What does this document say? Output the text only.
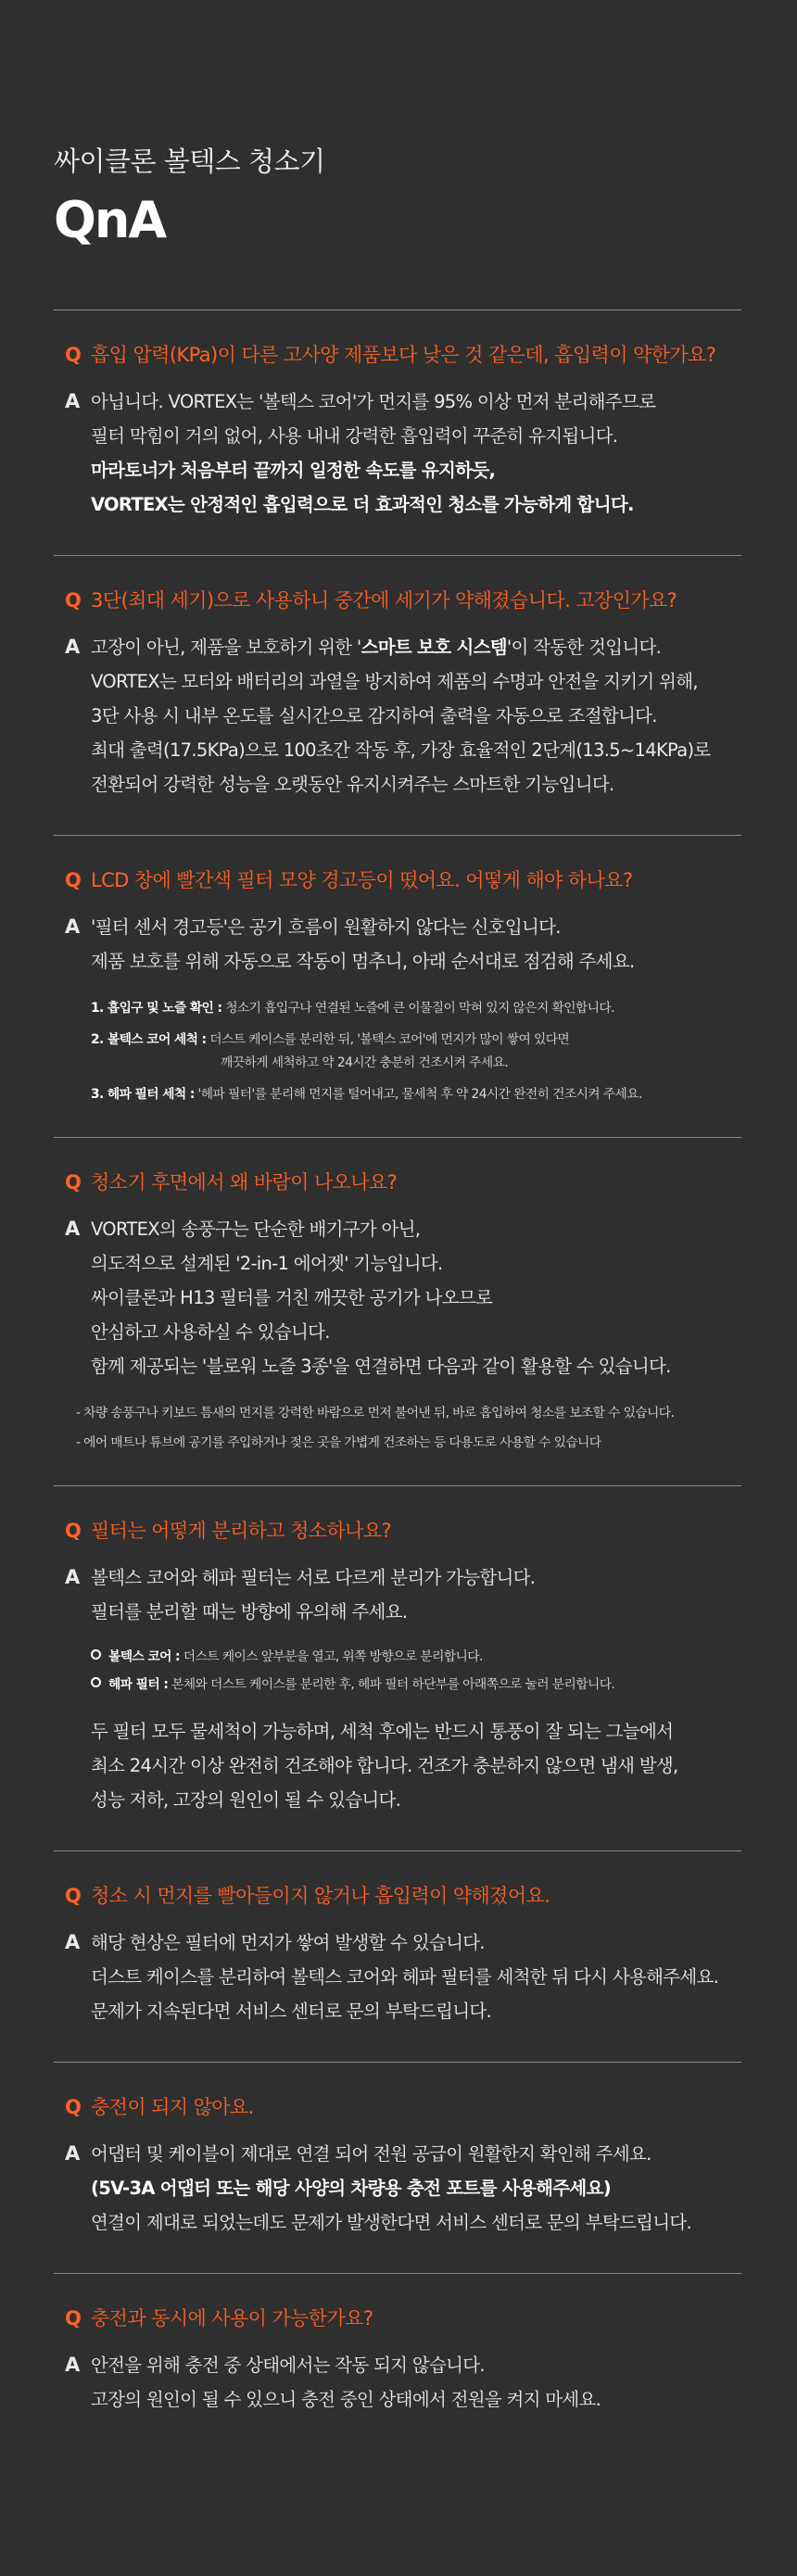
싸이클론 볼텍스 청소기
QnA
Q 흡입 압력(KPa)이 다른 고사양 제품보다 낮은 것 같은데, 흡입력이 약한가요?
A 아닙니다. VORTEX는 '볼텍스 코어'가 먼지를 95% 이상 먼저 분리해주므로
필터 막힘이 거의 없어, 사용 내내 강력한 흡입력이 꾸준히 유지됩니다.
마라토너가 처음부터 끝까지 일정한 속도를 유지하듯,
VORTEX는 안정적인 흡입력으로 더 효과적인 청소를 가능하게 합니다.
Q 3단(최대 세기)으로 사용하니 중간에 세기가 약해졌습니다. 고장인가요?
A 고장이 아닌, 제품을 보호하기 위한 '스마트 보호 시스템'이 작동한 것입니다.
VORTEX는 모터와 배터리의 과열을 방지하여 제품의 수명과 안전을 지키기 위해,
3단 사용 시 내부 온도를 실시간으로 감지하여 출력을 자동으로 조절합니다.
최대 출력(17.5KPa)으로 100초간 작동 후, 가장 효율적인 2단계(13.5~14KPa)로
전환되어 강력한 성능을 오랫동안 유지시켜주는 스마트한 기능입니다.
Q LCD 창에 빨간색 필터 모양 경고등이 떴어요. 어떻게 해야 하나요?
A '필터 센서 경고등'은 공기 흐름이 원활하지 않다는 신호입니다.
제품 보호를 위해 자동으로 작동이 멈추니, 아래 순서대로 점검해 주세요.
1. 흡입구 및 노즐 확인 : 청소기 흡입구나 연결된 노즐에 큰 이물질이 막혀 있지 않은지 확인합니다.
2. 볼텍스 코어 세척 : 더스트 케이스를 분리한 뒤, '볼텍스 코어'에 먼지가 많이 쌓여 있다면
깨끗하게 세척하고 약 24시간 충분히 건조시켜 주세요.
3. 헤파 필터 세척 : '헤파 필터'를 분리해 먼지를 털어내고, 물세척 후 약 24시간 완전히 건조시켜 주세요.
Q 청소기 후면에서 왜 바람이 나오나요?
A VORTEX의 송풍구는 단순한 배기구가 아닌,
의도적으로 설계된 '2-in-1 에어젯' 기능입니다.
싸이클론과 H13 필터를 거친 깨끗한 공기가 나오므로
안심하고 사용하실 수 있습니다.
함께 제공되는 '블로워 노즐 3종'을 연결하면 다음과 같이 활용할 수 있습니다.
- 차량 송풍구나 키보드 틈새의 먼지를 강력한 바람으로 먼저 불어낸 뒤, 바로 흡입하여 청소를 보조할 수 있습니다.
- 에어 매트나 튜브에 공기를 주입하거나 젖은 곳을 가볍게 건조하는 등 다용도로 사용할 수 있습니다
Q 필터는 어떻게 분리하고 청소하나요?
A 볼텍스 코어와 헤파 필터는 서로 다르게 분리가 가능합니다.
필터를 분리할 때는 방향에 유의해 주세요.
볼텍스 코어 : 더스트 케이스 앞부분을 열고, 위쪽 방향으로 분리합니다.
헤파 필터 : 본체와 더스트 케이스를 분리한 후, 헤파 필터 하단부를 아래쪽으로 눌러 분리합니다.
두 필터 모두 물세척이 가능하며, 세척 후에는 반드시 통풍이 잘 되는 그늘에서
최소 24시간 이상 완전히 건조해야 합니다. 건조가 충분하지 않으면 냄새 발생,
성능 저하, 고장의 원인이 될 수 있습니다.
Q 청소 시 먼지를 빨아들이지 않거나 흡입력이 약해졌어요.
A 해당 현상은 필터에 먼지가 쌓여 발생할 수 있습니다.
더스트 케이스를 분리하여 볼텍스 코어와 헤파 필터를 세척한 뒤 다시 사용해주세요.
문제가 지속된다면 서비스 센터로 문의 부탁드립니다.
Q 충전이 되지 않아요.
A 어댑터 및 케이블이 제대로 연결 되어 전원 공급이 원활한지 확인해 주세요.
(5V-3A 어댑터 또는 해당 사양의 차량용 충전 포트를 사용해주세요)
연결이 제대로 되었는데도 문제가 발생한다면 서비스 센터로 문의 부탁드립니다.
Q 충전과 동시에 사용이 가능한가요?
A 안전을 위해 충전 중 상태에서는 작동 되지 않습니다.
고장의 원인이 될 수 있으니 충전 중인 상태에서 전원을 켜지 마세요.
